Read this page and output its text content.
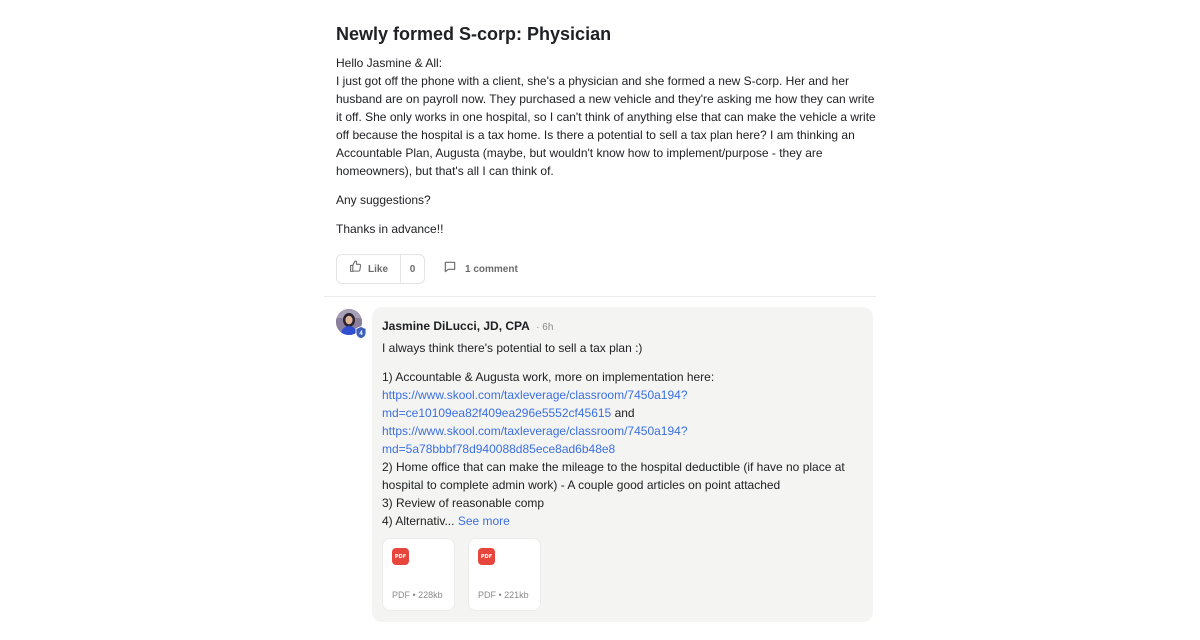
Newly formed S-corp: Physician

Hello Jasmine & All:
I just got off the phone with a client, she's a physician and she formed a new S-corp. Her and her husband are on payroll now. They purchased a new vehicle and they're asking me how they can write it off. She only works in one hospital, so I can't think of anything else that can make the vehicle a write off because the hospital is a tax home. Is there a potential to sell a tax plan here? I am thinking an Accountable Plan, Augusta (maybe, but wouldn't know how to implement/purpose - they are homeowners), but that's all I can think of.

Any suggestions?

Thanks in advance!!

Like	0	1 comment
4
Jasmine DiLucci, JD, CPA · 6h

I always think there's potential to sell a tax plan :)

1) Accountable & Augusta work, more on implementation here:
https://www.skool.com/taxleverage/classroom/7450a194?
md=ce10109ea82f409ea296e5552cf45615 and
https://www.skool.com/taxleverage/classroom/7450a194?
md=5a78bbbf78d940088d85ece8ad6b48e8

2) Home office that can make the mileage to the hospital deductible (if have no place at hospital to complete admin work) - A couple good articles on point attached

3) Review of reasonable comp

4) Alternativ... See more

PDF
PDF • 228kb
PDF
PDF • 221kb
